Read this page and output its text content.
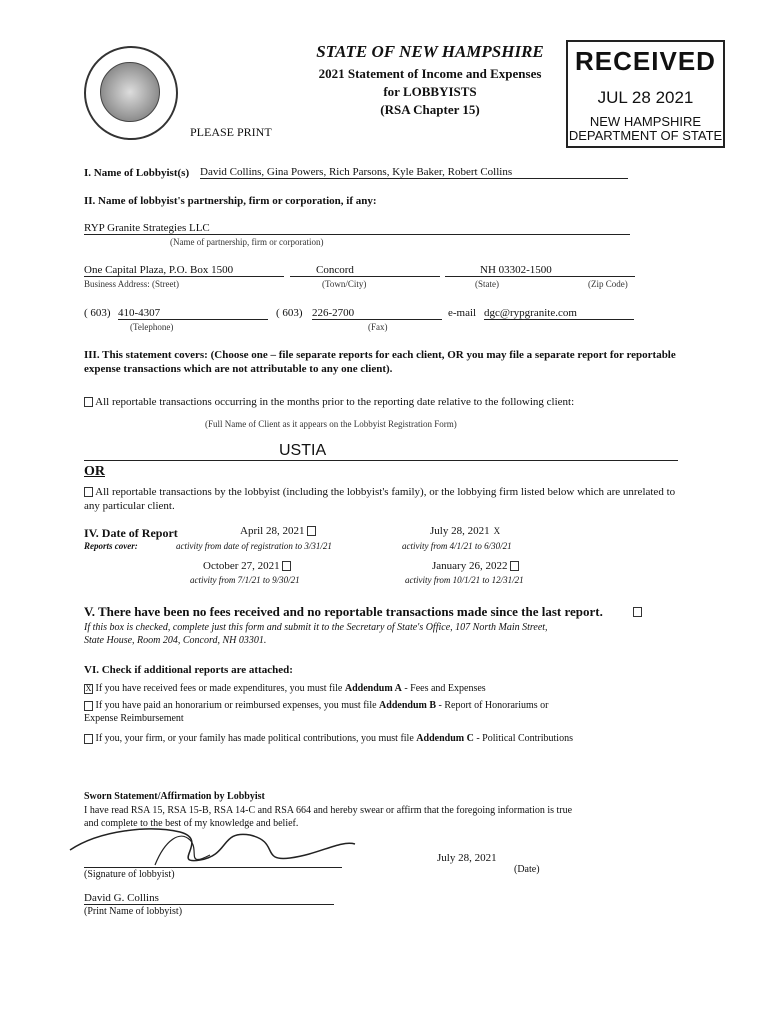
STATE OF NEW HAMPSHIRE
2021 Statement of Income and Expenses
for LOBBYISTS
(RSA Chapter 15)
PLEASE PRINT
RECEIVED
JUL 28 2021
NEW HAMPSHIRE
DEPARTMENT OF STATE
I. Name of Lobbyist(s) David Collins, Gina Powers, Rich Parsons, Kyle Baker, Robert Collins
II. Name of lobbyist's partnership, firm or corporation, if any:
RYP Granite Strategies LLC
(Name of partnership, firm or corporation)
One Capital Plaza, P.O. Box 1500	Concord	NH 03302-1500
Business Address: (Street)	(Town/City)	(State)	(Zip Code)
( 603) 410-4307
(Telephone)
( 603) 226-2700
(Fax)
e-mail dgc@rypgranite.com
III. This statement covers: (Choose one – file separate reports for each client, OR you may file a separate report for reportable expense transactions which are not attributable to any one client).
All reportable transactions occurring in the months prior to the reporting date relative to the following client:
(Full Name of Client as it appears on the Lobbyist Registration Form)
USTIA
OR
All reportable transactions by the lobbyist (including the lobbyist's family), or the lobbying firm listed below which are unrelated to any particular client.
IV. Date of Report
Reports cover:
April 28, 2021
activity from date of registration to 3/31/21
July 28, 2021 X
activity from 4/1/21 to 6/30/21
October 27, 2021
activity from 7/1/21 to 9/30/21
January 26, 2022
activity from 10/1/21 to 12/31/21
V. There have been no fees received and no reportable transactions made since the last report.
If this box is checked, complete just this form and submit it to the Secretary of State's Office, 107 North Main Street,
State House, Room 204, Concord, NH 03301.
VI. Check if additional reports are attached:
X If you have received fees or made expenditures, you must file Addendum A - Fees and Expenses
If you have paid an honorarium or reimbursed expenses, you must file Addendum B - Report of Honorariums or
Expense Reimbursement
If you, your firm, or your family has made political contributions, you must file Addendum C - Political Contributions
Sworn Statement/Affirmation by Lobbyist
I have read RSA 15, RSA 15-B, RSA 14-C and RSA 664 and hereby swear or affirm that the foregoing information is true
and complete to the best of my knowledge and belief.
(Signature of lobbyist)
July 28, 2021
(Date)
David G. Collins
(Print Name of lobbyist)
